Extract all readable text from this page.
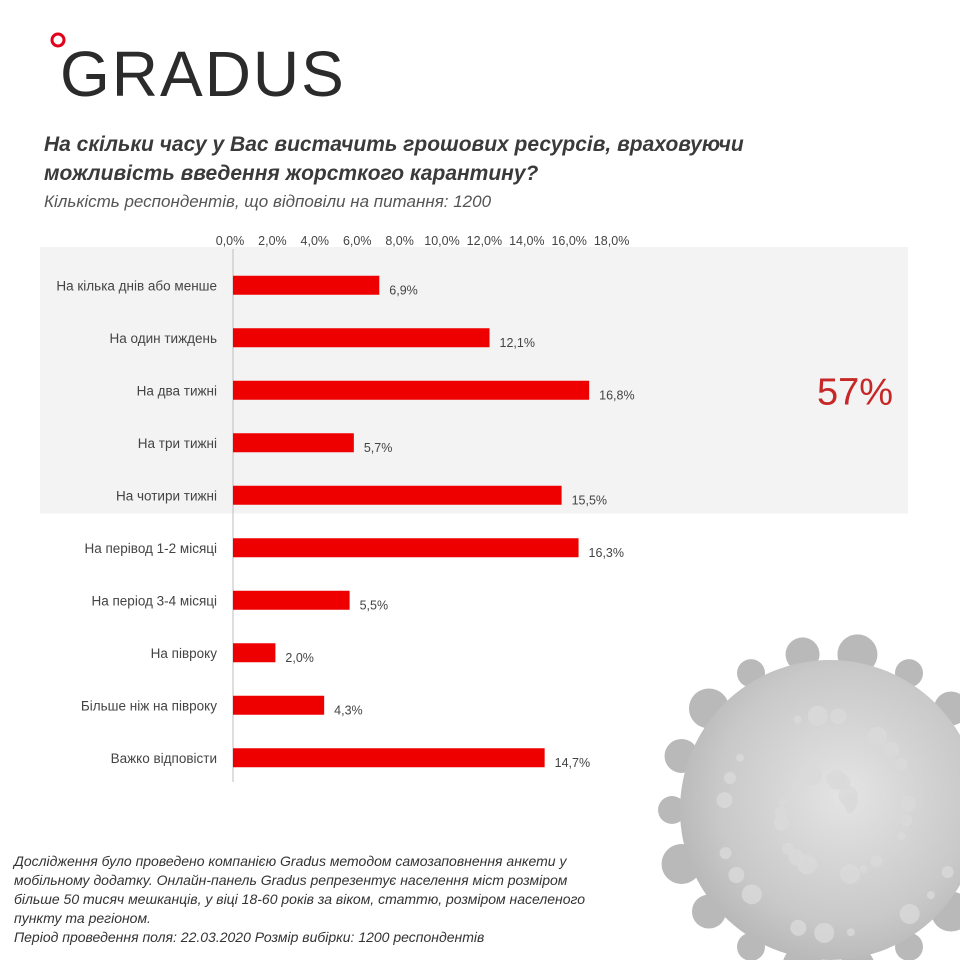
GRADUS
На скільки часу у Вас вистачить грошових ресурсів, враховуючи можливість введення жорсткого карантину?
Кількість респондентів, що відповіли на питання: 1200
0,0% 2,0% 4,0% 6,0% 8,0% 10,0% 12,0% 14,0% 16,0% 18,0%
На кілька днів або менше	6,9%
На один тиждень	12,1%
На два тижні	16,8%
На три тижні	5,7%
На чотири тижні	15,5%
На перівод 1-2 місяці	16,3%
На період 3-4 місяці	5,5%
На півроку	2,0%
Більше ніж на півроку	4,3%
Важко відповісти	14,7%
57%

Дослідження було проведено компанією Gradus методом самозаповнення анкети у мобільному додатку. Онлайн-панель Gradus репрезентує населення міст розміром більше 50 тисяч мешканців, у віці 18-60 років за віком, статтю, розміром населеного пункту та регіоном.

Період проведення поля: 22.03.2020 Розмір вибірки: 1200 респондентів
